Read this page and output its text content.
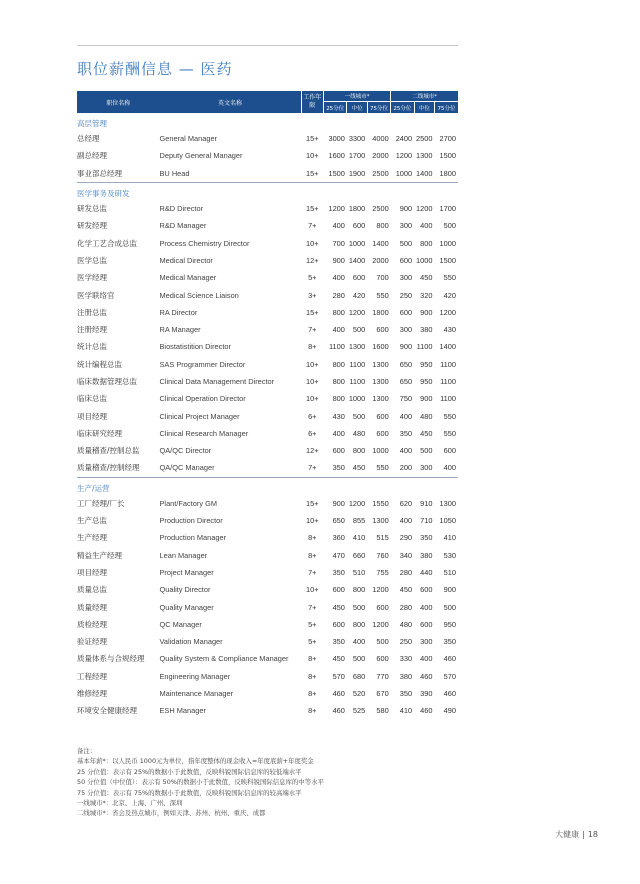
职位薪酬信息 — 医药
职位名称	英文名称	工作年限	一线城市*			二线城市*		
			25分位	中位	75分位	25分位	中位	75分位
高层管理								
总经理	General Manager	15+	3000	3300	4000	2400	2500	2700
副总经理	Deputy General Manager	10+	1600	1700	2000	1200	1300	1500
事业部总经理	BU Head	15+	1500	1900	2500	1000	1400	1800
医学事务及研发								
研发总监	R&D Director	15+	1200	1800	2500	900	1200	1700
研发经理	R&D Manager	7+	400	600	800	300	400	500
化学工艺合成总监	Process Chemistry Director	10+	700	1000	1400	500	800	1000
医学总监	Medical Director	12+	900	1400	2000	600	1000	1500
医学经理	Medical Manager	5+	400	600	700	300	450	550
医学联络官	Medical Science Liaison	3+	280	420	550	250	320	420
注册总监	RA Director	15+	800	1200	1800	600	900	1200
注册经理	RA Manager	7+	400	500	600	300	380	430
统计总监	Biostatistition Director	8+	1100	1300	1600	900	1100	1400
统计编程总监	SAS Programmer Director	10+	800	1100	1300	650	950	1100
临床数据管理总监	Clinical Data Management Director	10+	800	1100	1300	650	950	1100
临床总监	Clinical Operation Director	10+	800	1000	1300	750	900	1100
项目经理	Clinical Project Manager	6+	430	500	600	400	480	550
临床研究经理	Clinical Research Manager	6+	400	480	600	350	450	550
质量稽查/控制总监	QA/QC Director	12+	600	800	1000	400	500	600
质量稽查/控制经理	QA/QC Manager	7+	350	450	550	200	300	400
生产/运营								
工厂经理/厂长	Plant/Factory GM	15+	900	1200	1550	620	910	1300
生产总监	Production Director	10+	650	855	1300	400	710	1050
生产经理	Production Manager	8+	360	410	515	290	350	410
精益生产经理	Lean Manager	8+	470	660	760	340	380	530
项目经理	Project Manager	7+	350	510	755	280	440	510
质量总监	Quality Director	10+	600	800	1200	450	600	900
质量经理	Quality Manager	7+	450	500	600	280	400	500
质检经理	QC Manager	5+	600	800	1200	480	600	950
验证经理	Validation Manager	5+	350	400	500	250	300	350
质量体系与合规经理	Quality System & Compliance Manager	8+	450	500	600	330	400	460
工程经理	Engineering Manager	8+	570	680	770	380	460	570
维修经理	Maintenance Manager	8+	460	520	670	350	390	460
环境安全健康经理	ESH Manager	8+	460	525	580	410	460	490
备注：
基本年薪*：以人民币 1000元为单位，指年度整体的现金收入=年度底薪+年度奖金
25 分位值：表示有 25%的数据小于此数值，反映科锐国际信息库的较低端水平
50 分位值（中位值）：表示有 50%的数据小于此数值，反映科锐国际信息库的中等水平
75 分位值：表示有 75%的数据小于此数值，反映科锐国际信息库的较高端水平
一线城市*：北京、上海、广州、深圳
二线城市*：省会及热点城市，例如天津、苏州、杭州、重庆、成都
大健康 | 18
